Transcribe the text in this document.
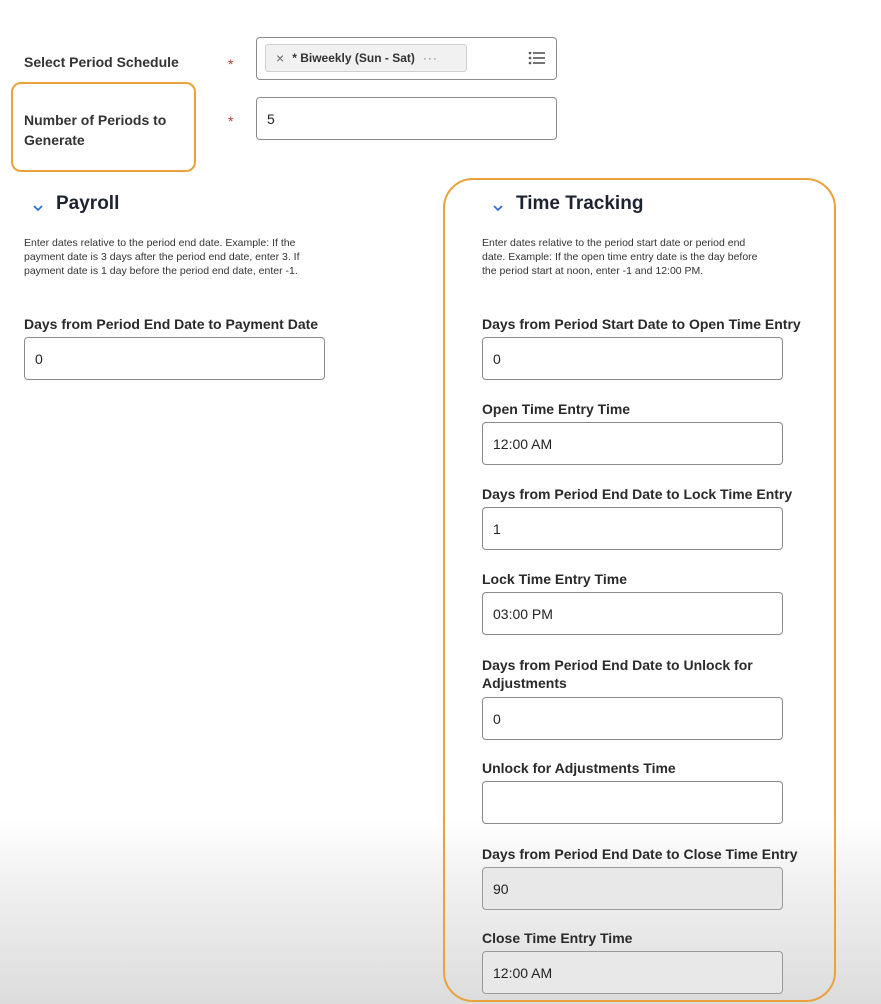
Select Period Schedule	*	× * Biweekly (Sun - Sat) ···
Number of Periods to
Generate
* 5
Payroll
Enter dates relative to the period end date. Example: If the
payment date is 3 days after the period end date, enter 3. If
payment date is 1 day before the period end date, enter -1.
Days from Period End Date to Payment Date
0
Time Tracking
Enter dates relative to the period start date or period end
date. Example: If the open time entry date is the day before
the period start at noon, enter -1 and 12:00 PM.
Days from Period Start Date to Open Time Entry
0
Open Time Entry Time
12:00 AM
Days from Period End Date to Lock Time Entry
1
Lock Time Entry Time
03:00 PM
Days from Period End Date to Unlock for
Adjustments
0
Unlock for Adjustments Time
Days from Period End Date to Close Time Entry
90
Close Time Entry Time
12:00 AM
